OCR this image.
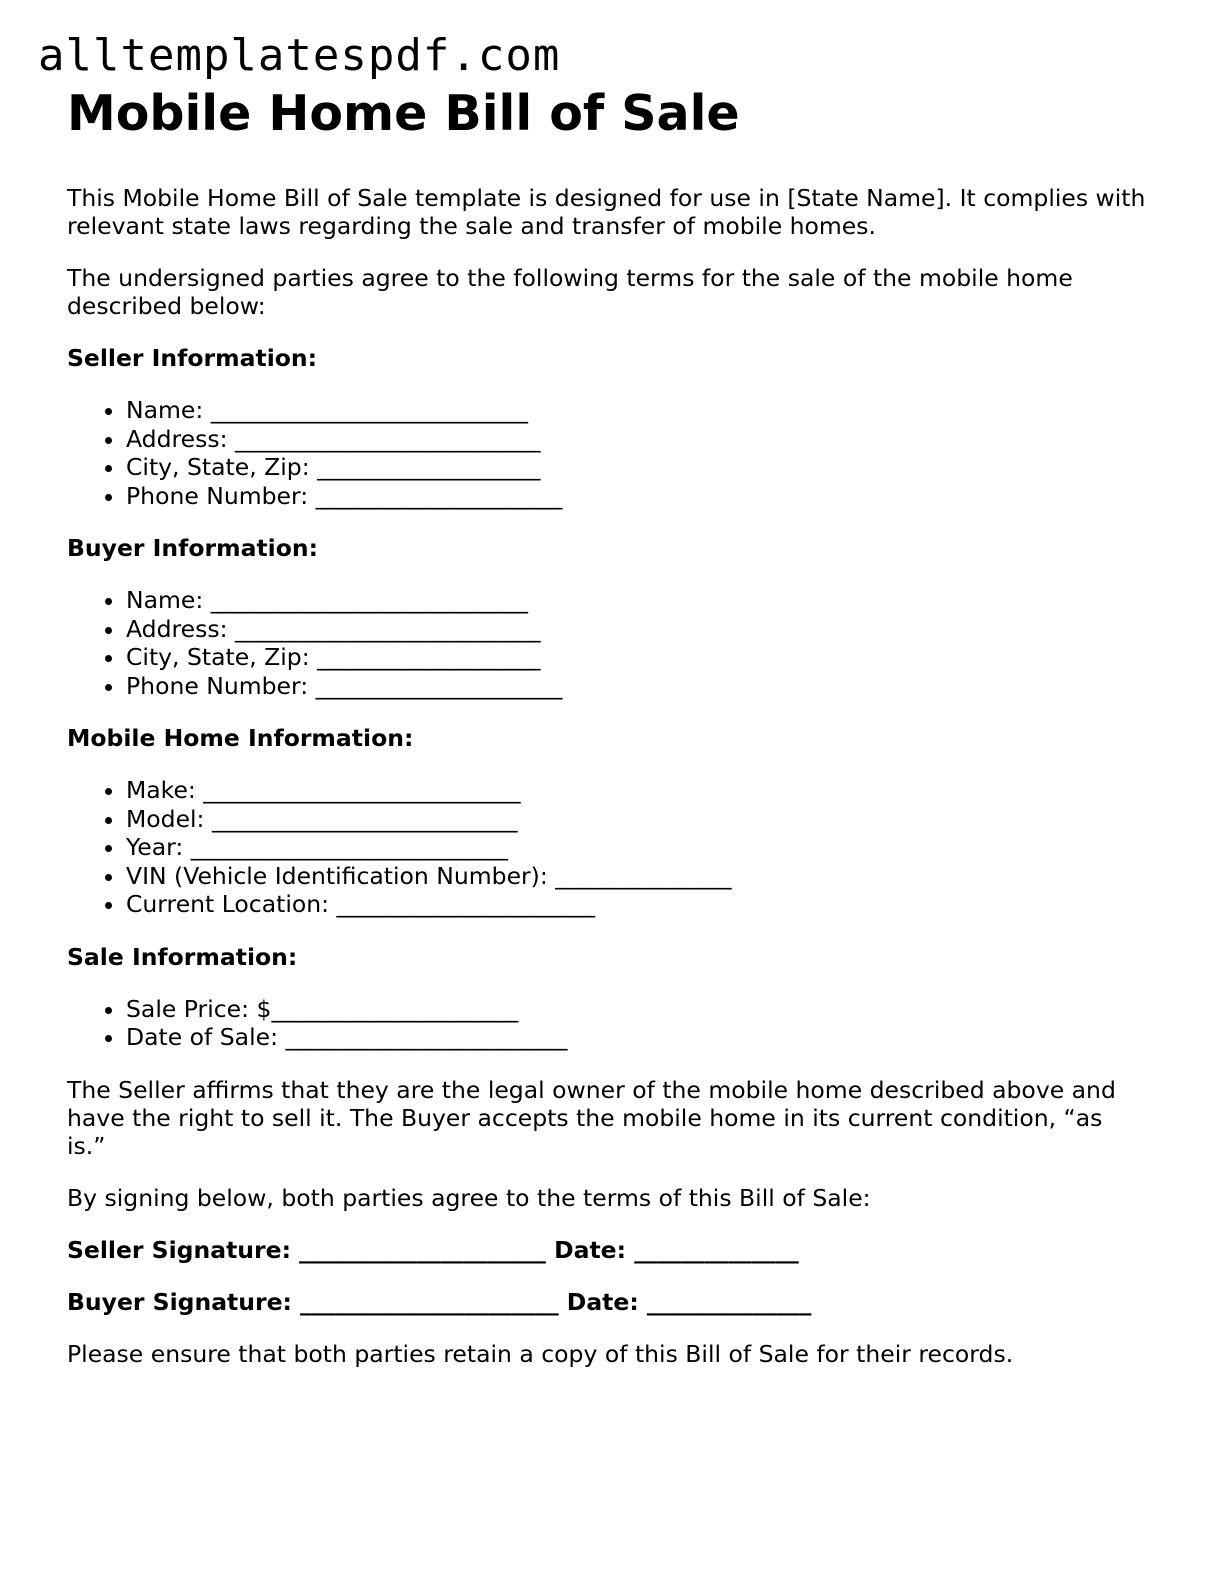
alltemplatespdf.com
Mobile Home Bill of Sale

This Mobile Home Bill of Sale template is designed for use in [State Name]. It complies with relevant state laws regarding the sale and transfer of mobile homes.

The undersigned parties agree to the following terms for the sale of the mobile home described below:

Seller Information:

• Name: ___________________________
• Address: __________________________
• City, State, Zip: ___________________
• Phone Number: _____________________

Buyer Information:

• Name: ___________________________
• Address: __________________________
• City, State, Zip: ___________________
• Phone Number: _____________________

Mobile Home Information:

• Make: ___________________________
• Model: __________________________
• Year: ___________________________
• VIN (Vehicle Identification Number): _______________
• Current Location: ______________________

Sale Information:

• Sale Price: $_____________________
• Date of Sale: ________________________

The Seller affirms that they are the legal owner of the mobile home described above and have the right to sell it. The Buyer accepts the mobile home in its current condition, “as is.”

By signing below, both parties agree to the terms of this Bill of Sale:

Seller Signature: _____________________ Date: ______________

Buyer Signature: ______________________ Date: ______________

Please ensure that both parties retain a copy of this Bill of Sale for their records.
